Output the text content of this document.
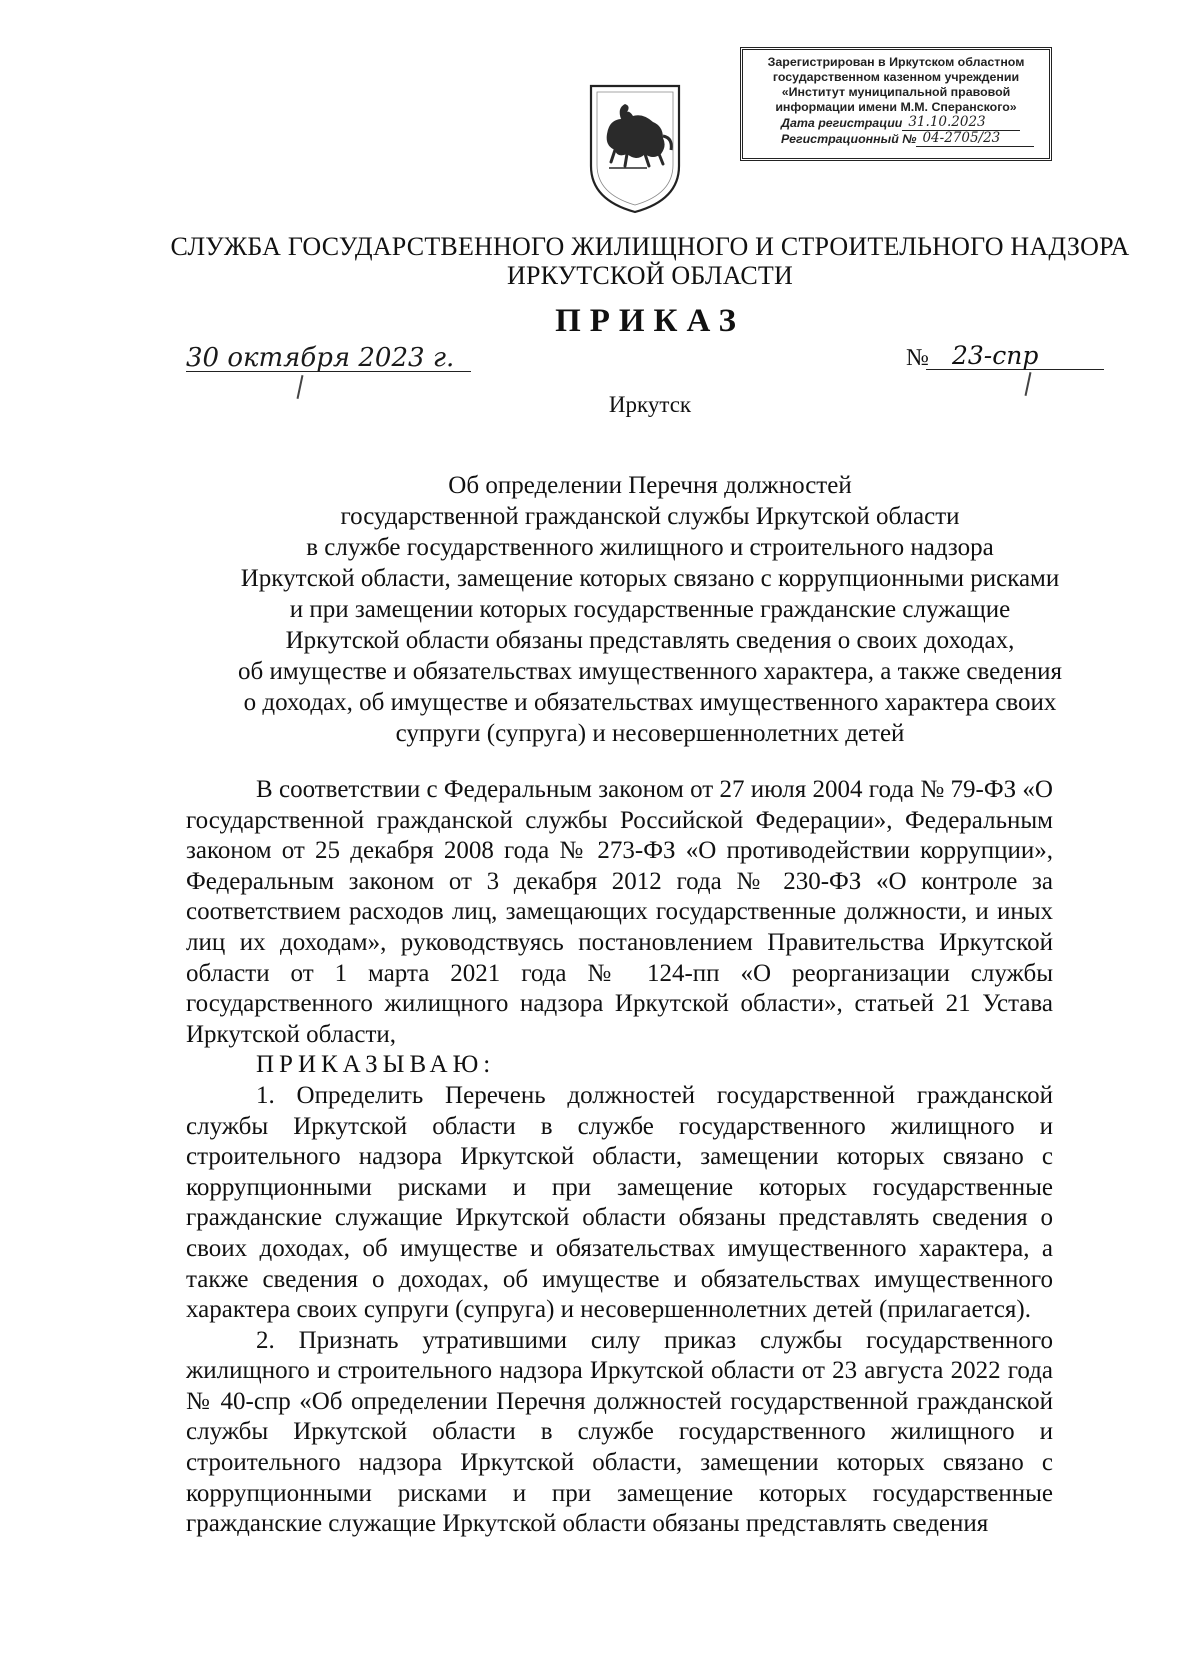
Зарегистрирован в Иркутском областном
государственном казенном учреждении
«Институт муниципальной правовой
информации имени М.М. Сперанского»
Дата регистрации 31.10.2023
Регистрационный № 04-2705/23
СЛУЖБА ГОСУДАРСТВЕННОГО ЖИЛИЩНОГО И СТРОИТЕЛЬНОГО НАДЗОРА
ИРКУТСКОЙ ОБЛАСТИ
ПРИКАЗ
30 октября 2023 г.	№ 23-спр
Иркутск
Об определении Перечня должностей
государственной гражданской службы Иркутской области
в службе государственного жилищного и строительного надзора
Иркутской области, замещение которых связано с коррупционными рисками
и при замещении которых государственные гражданские служащие
Иркутской области обязаны представлять сведения о своих доходах,
об имуществе и обязательствах имущественного характера, а также сведения
о доходах, об имуществе и обязательствах имущественного характера своих
супруги (супруга) и несовершеннолетних детей

В соответствии с Федеральным законом от 27 июля 2004 года № 79-ФЗ «О государственной гражданской службы Российской Федерации», Федеральным законом от 25 декабря 2008 года № 273-ФЗ «О противодействии коррупции», Федеральным законом от 3 декабря 2012 года № 230-ФЗ «О контроле за соответствием расходов лиц, замещающих государственные должности, и иных лиц их доходам», руководствуясь постановлением Правительства Иркутской области от 1 марта 2021 года № 124-пп «О реорганизации службы государственного жилищного надзора Иркутской области», статьей 21 Устава Иркутской области,

ПРИКАЗЫВАЮ:

1. Определить Перечень должностей государственной гражданской службы Иркутской области в службе государственного жилищного и строительного надзора Иркутской области, замещении которых связано с коррупционными рисками и при замещение которых государственные гражданские служащие Иркутской области обязаны представлять сведения о своих доходах, об имуществе и обязательствах имущественного характера, а также сведения о доходах, об имуществе и обязательствах имущественного характера своих супруги (супруга) и несовершеннолетних детей (прилагается).

2. Признать утратившими силу приказ службы государственного жилищного и строительного надзора Иркутской области от 23 августа 2022 года № 40-спр «Об определении Перечня должностей государственной гражданской службы Иркутской области в службе государственного жилищного и строительного надзора Иркутской области, замещении которых связано с коррупционными рисками и при замещение которых государственные гражданские служащие Иркутской области обязаны представлять сведения
